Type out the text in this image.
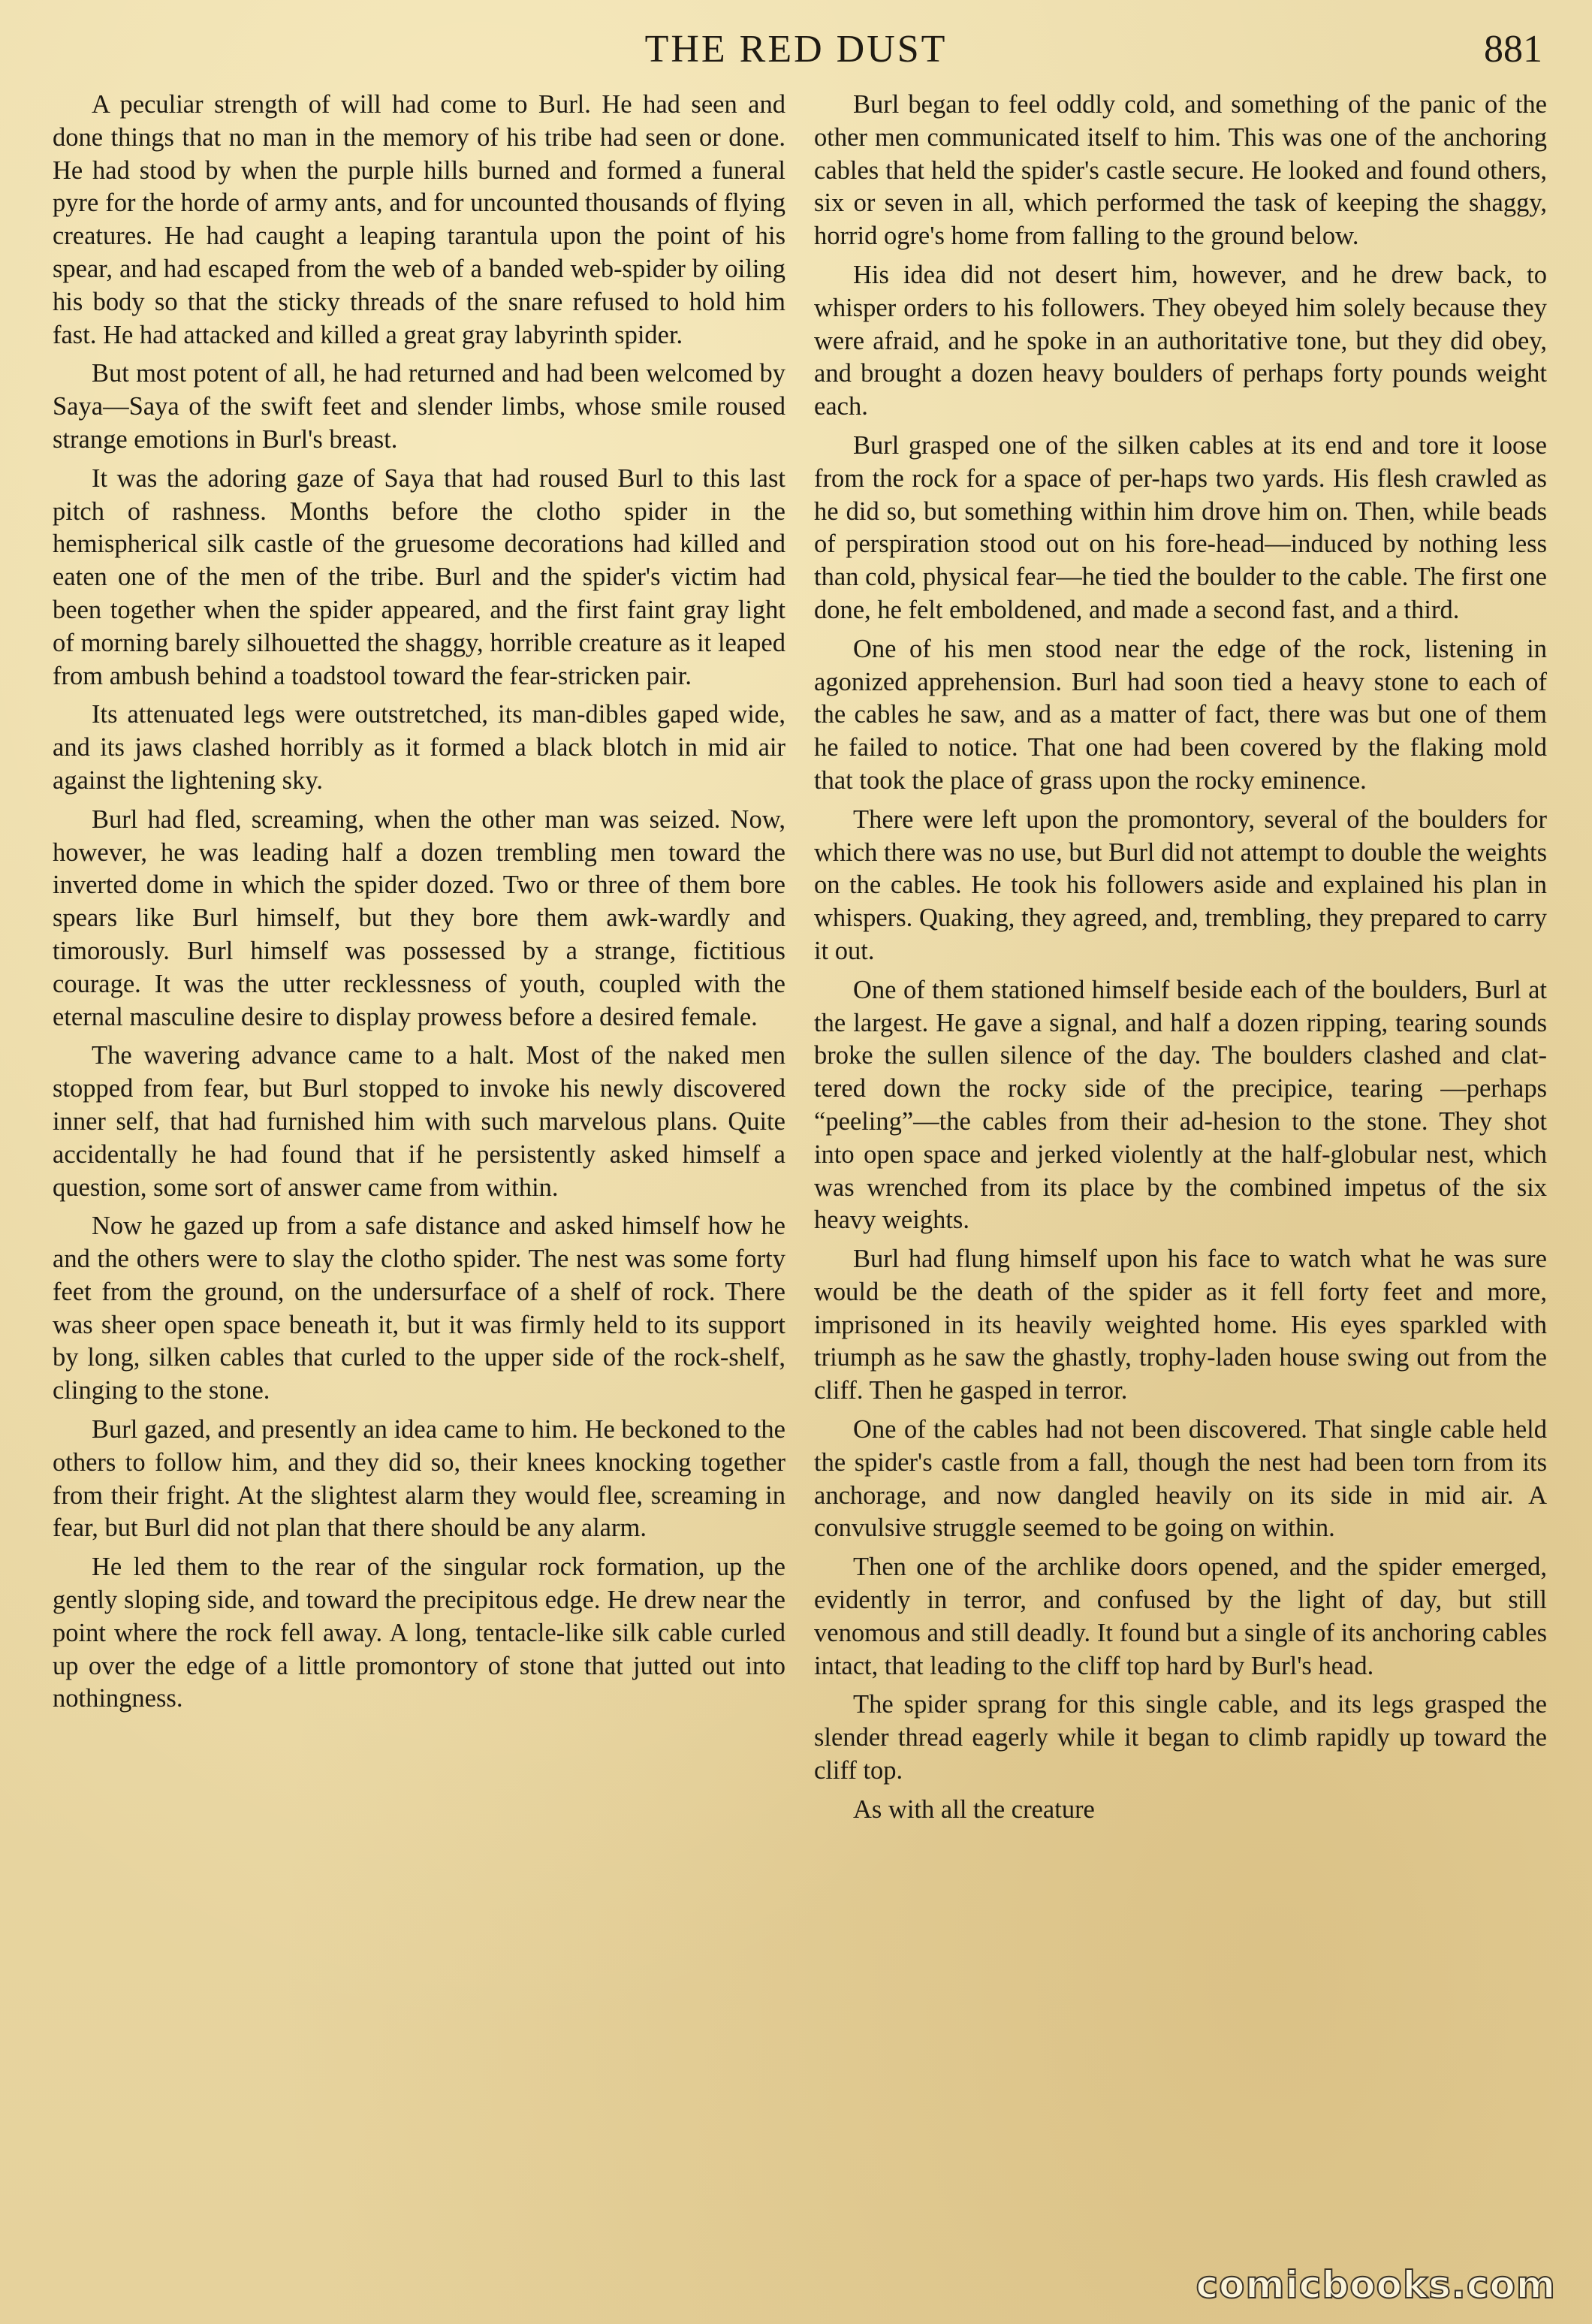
THE RED DUST	881

A peculiar strength of will had come to Burl. He had seen and done things that no man in the memory of his tribe had seen or done. He had stood by when the purple hills burned and formed a funeral pyre for the horde of army ants, and for uncounted thousands of flying creatures. He had caught a leaping tarantula upon the point of his spear, and had escaped from the web of a banded web-spider by oiling his body so that the sticky threads of the snare refused to hold him fast. He had attacked and killed a great gray labyrinth spider.

But most potent of all, he had returned and had been welcomed by Saya—Saya of the swift feet and slender limbs, whose smile roused strange emotions in Burl's breast.

It was the adoring gaze of Saya that had roused Burl to this last pitch of rashness. Months before the clotho spider in the hemispherical silk castle of the gruesome decorations had killed and eaten one of the men of the tribe. Burl and the spider's victim had been together when the spider appeared, and the first faint gray light of morning barely silhouetted the shaggy, horrible creature as it leaped from ambush behind a toadstool toward the fear-stricken pair.

Its attenuated legs were outstretched, its man-dibles gaped wide, and its jaws clashed horribly as it formed a black blotch in mid air against the lightening sky.

Burl had fled, screaming, when the other man was seized. Now, however, he was leading half a dozen trembling men toward the inverted dome in which the spider dozed. Two or three of them bore spears like Burl himself, but they bore them awk-wardly and timorously. Burl himself was possessed by a strange, fictitious courage. It was the utter recklessness of youth, coupled with the eternal masculine desire to display prowess before a desired female.

The wavering advance came to a halt. Most of the naked men stopped from fear, but Burl stopped to invoke his newly discovered inner self, that had furnished him with such marvelous plans. Quite accidentally he had found that if he persistently asked himself a question, some sort of answer came from within.

Now he gazed up from a safe distance and asked himself how he and the others were to slay the clotho spider. The nest was some forty feet from the ground, on the undersurface of a shelf of rock. There was sheer open space beneath it, but it was firmly held to its support by long, silken cables that curled to the upper side of the rock-shelf, clinging to the stone.

Burl gazed, and presently an idea came to him. He beckoned to the others to follow him, and they did so, their knees knocking together from their fright. At the slightest alarm they would flee, screaming in fear, but Burl did not plan that there should be any alarm.

He led them to the rear of the singular rock formation, up the gently sloping side, and toward the precipitous edge. He drew near the point where the rock fell away. A long, tentacle-like silk cable curled up over the edge of a little promontory of stone that jutted out into nothingness.

Burl began to feel oddly cold, and something of the panic of the other men communicated itself to him. This was one of the anchoring cables that held the spider's castle secure. He looked and found others, six or seven in all, which performed the task of keeping the shaggy, horrid ogre's home from falling to the ground below.

His idea did not desert him, however, and he drew back, to whisper orders to his followers. They obeyed him solely because they were afraid, and he spoke in an authoritative tone, but they did obey, and brought a dozen heavy boulders of perhaps forty pounds weight each.

Burl grasped one of the silken cables at its end and tore it loose from the rock for a space of per-haps two yards. His flesh crawled as he did so, but something within him drove him on. Then, while beads of perspiration stood out on his fore-head—induced by nothing less than cold, physical fear—he tied the boulder to the cable. The first one done, he felt emboldened, and made a second fast, and a third.

One of his men stood near the edge of the rock, listening in agonized apprehension. Burl had soon tied a heavy stone to each of the cables he saw, and as a matter of fact, there was but one of them he failed to notice. That one had been covered by the flaking mold that took the place of grass upon the rocky eminence.

There were left upon the promontory, several of the boulders for which there was no use, but Burl did not attempt to double the weights on the cables. He took his followers aside and explained his plan in whispers. Quaking, they agreed, and, trembling, they prepared to carry it out.

One of them stationed himself beside each of the boulders, Burl at the largest. He gave a signal, and half a dozen ripping, tearing sounds broke the sullen silence of the day. The boulders clashed and clat-tered down the rocky side of the precipice, tearing —perhaps “peeling”—the cables from their ad-hesion to the stone. They shot into open space and jerked violently at the half-globular nest, which was wrenched from its place by the combined impetus of the six heavy weights.

Burl had flung himself upon his face to watch what he was sure would be the death of the spider as it fell forty feet and more, imprisoned in its heavily weighted home. His eyes sparkled with triumph as he saw the ghastly, trophy-laden house swing out from the cliff. Then he gasped in terror.

One of the cables had not been discovered. That single cable held the spider's castle from a fall, though the nest had been torn from its anchorage, and now dangled heavily on its side in mid air. A convulsive struggle seemed to be going on within.

Then one of the archlike doors opened, and the spider emerged, evidently in terror, and confused by the light of day, but still venomous and still deadly. It found but a single of its anchoring cables intact, that leading to the cliff top hard by Burl's head.

The spider sprang for this single cable, and its legs grasped the slender thread eagerly while it began to climb rapidly up toward the cliff top.

As with all the creature

comicbooks.com
